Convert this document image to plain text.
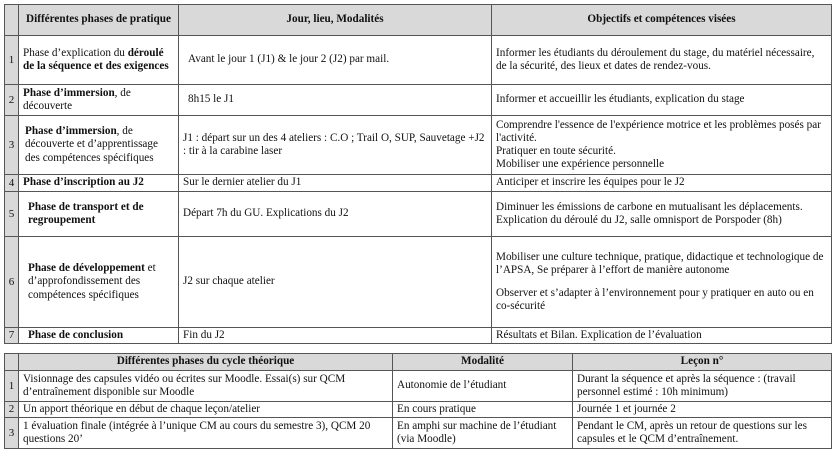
	Différentes phases de pratique	Jour, lieu, Modalités	Objectifs et compétences visées
1	Phase d’explication du déroulé de la séquence et des exigences	Avant le jour 1 (J1) & le jour 2 (J2) par mail.	Informer les étudiants du déroulement du stage, du matériel nécessaire, de la sécurité, des lieux et dates de rendez-vous.

2	Phase d’immersion, de découverte	8h15 le J1	Informer et accueillir les étudiants, explication du stage

3	Phase d’immersion, de découverte et d’apprentissage des compétences spécifiques	J1 : départ sur un des 4 ateliers : C.O ; Trail O, SUP, Sauvetage +J2 : tir à la carabine laser	Comprendre l'essence de l'expérience motrice et les problèmes posés par l'activité.
Pratiquer en toute sécurité.
Mobiliser une expérience personnelle

4	Phase d’inscription au J2	Sur le dernier atelier du J1	Anticiper et inscrire les équipes pour le J2

5	Phase de transport et de regroupement	Départ 7h du GU. Explications du J2	Diminuer les émissions de carbone en mutualisant les déplacements. Explication du déroulé du J2, salle omnisport de Porspoder (8h)

6	Phase de développement et d’approfondissement des compétences spécifiques	J2 sur chaque atelier	Mobiliser une culture technique, pratique, didactique et technologique de l’APSA, Se préparer à l’effort de manière autonome
Observer et s’adapter à l’environnement pour y pratiquer en auto ou en co-sécurité

7	Phase de conclusion	Fin du J2	Résultats et Bilan. Explication de l’évaluation
	Différentes phases du cycle théorique	Modalité	Leçon n°
1	Visionnage des capsules vidéo ou écrites sur Moodle. Essai(s) sur QCM d’entraînement disponible sur Moodle	Autonomie de l’étudiant	Durant la séquence et après la séquence : (travail personnel estimé : 10h minimum)
2	Un apport théorique en début de chaque leçon/atelier	En cours pratique	Journée 1 et journée 2
3	1 évaluation finale (intégrée à l’unique CM au cours du semestre 3), QCM 20 questions 20’	En amphi sur machine de l’étudiant (via Moodle)	Pendant le CM, après un retour de questions sur les capsules et le QCM d’entraînement.
